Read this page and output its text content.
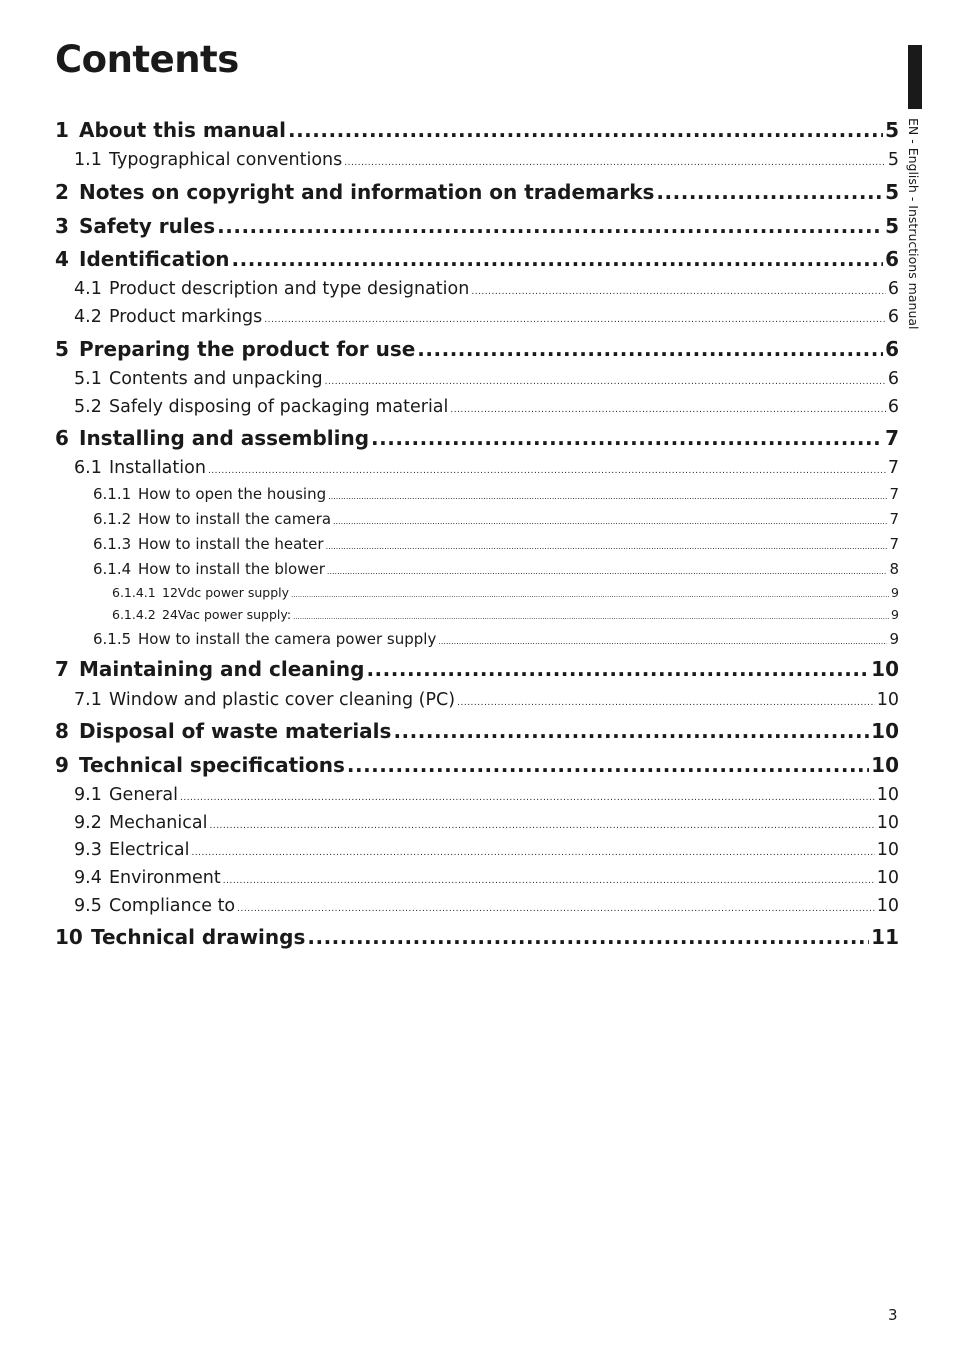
Contents
EN - English - Instructions manual
1 About this manual .....	5
1.1 Typographical conventions .....	5
2 Notes on copyright and information on trademarks .....	5
3 Safety rules .....	5
4 Identification .....	6
4.1 Product description and type designation .....	6
4.2 Product markings .....	6
5 Preparing the product for use .....	6
5.1 Contents and unpacking .....	6
5.2 Safely disposing of packaging material .....	6
6 Installing and assembling .....	7
6.1 Installation .....	7
6.1.1 How to open the housing .....	7
6.1.2 How to install the camera .....	7
6.1.3 How to install the heater .....	7
6.1.4 How to install the blower .....	8
6.1.4.1 12Vdc power supply .....	9
6.1.4.2 24Vac power supply: .....	9
6.1.5 How to install the camera power supply .....	9
7 Maintaining and cleaning .....	10
7.1 Window and plastic cover cleaning (PC) .....	10
8 Disposal of waste materials .....	10
9 Technical specifications .....	10
9.1 General .....	10
9.2 Mechanical .....	10
9.3 Electrical .....	10
9.4 Environment .....	10
9.5 Compliance to .....	10
10 Technical drawings .....	11
3
